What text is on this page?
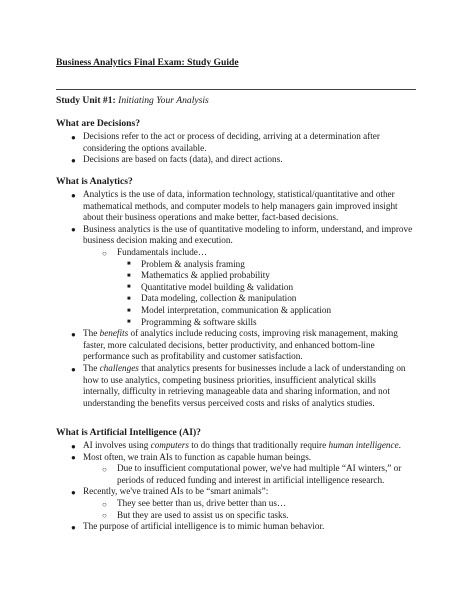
Business Analytics Final Exam: Study Guide
Study Unit #1: Initiating Your Analysis
What are Decisions?
● Decisions refer to the act or process of deciding, arriving at a determination after
considering the options available.
● Decisions are based on facts (data), and direct actions.
What is Analytics?
● Analytics is the use of data, information technology, statistical/quantitative and other
mathematical methods, and computer models to help managers gain improved insight
about their business operations and make better, fact-based decisions.
● Business analytics is the use of quantitative modeling to inform, understand, and improve
business decision making and execution.
○ Fundamentals include…
■ Problem & analysis framing
■ Mathematics & applied probability
■ Quantitative model building & validation
■ Data modeling, collection & manipulation
■ Model interpretation, communication & application
■ Programming & software skills
● The benefits of analytics include reducing costs, improving risk management, making
faster, more calculated decisions, better productivity, and enhanced bottom-line
performance such as profitability and customer satisfaction.
● The challenges that analytics presents for businesses include a lack of understanding on
how to use analytics, competing business priorities, insufficient analytical skills
internally, difficulty in retrieving manageable data and sharing information, and not
understanding the benefits versus perceived costs and risks of analytics studies.
What is Artificial Intelligence (AI)?
● AI involves using computers to do things that traditionally require human intelligence.
● Most often, we train AIs to function as capable human beings.
○ Due to insufficient computational power, we've had multiple “AI winters,” or
periods of reduced funding and interest in artificial intelligence research.
● Recently, we've trained AIs to be “smart animals”:
○ They see better than us, drive better than us…
○ But they are used to assist us on specific tasks.
● The purpose of artificial intelligence is to mimic human behavior.
